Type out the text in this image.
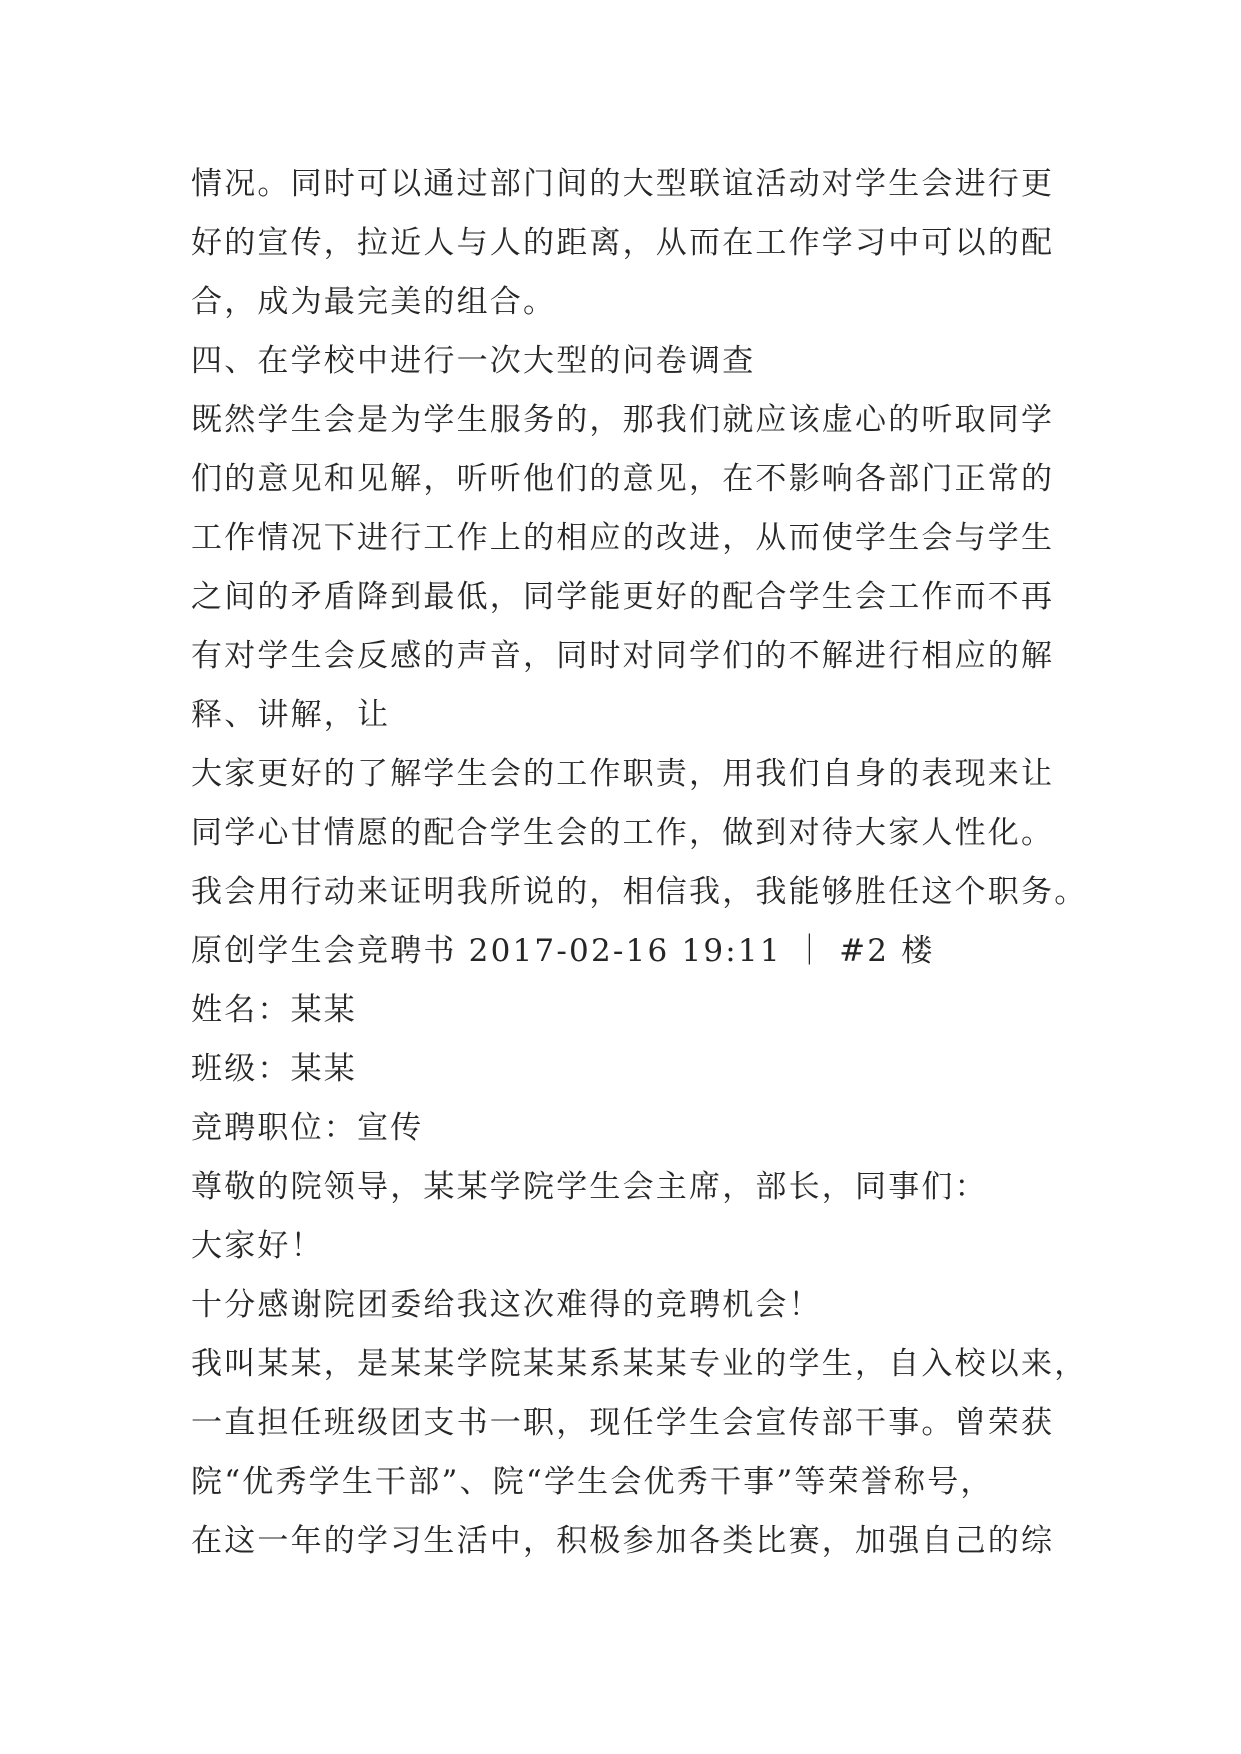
情况。同时可以通过部门间的大型联谊活动对学生会进行更
好的宣传，拉近人与人的距离，从而在工作学习中可以的配
合，成为最完美的组合。
四、在学校中进行一次大型的问卷调查
既然学生会是为学生服务的，那我们就应该虚心的听取同学
们的意见和见解，听听他们的意见，在不影响各部门正常的
工作情况下进行工作上的相应的改进，从而使学生会与学生
之间的矛盾降到最低，同学能更好的配合学生会工作而不再
有对学生会反感的声音，同时对同学们的不解进行相应的解
释、讲解，让
大家更好的了解学生会的工作职责，用我们自身的表现来让
同学心甘情愿的配合学生会的工作，做到对待大家人性化。
我会用行动来证明我所说的，相信我，我能够胜任这个职务。
原创学生会竞聘书 2017-02-16 19:11 ｜ #2 楼
姓名：某某
班级：某某
竞聘职位：宣传
尊敬的院领导，某某学院学生会主席，部长，同事们：
大家好！
十分感谢院团委给我这次难得的竞聘机会！
我叫某某，是某某学院某某系某某专业的学生，自入校以来，
一直担任班级团支书一职，现任学生会宣传部干事。曾荣获
院“优秀学生干部”、院“学生会优秀干事”等荣誉称号，
在这一年的学习生活中，积极参加各类比赛，加强自己的综
